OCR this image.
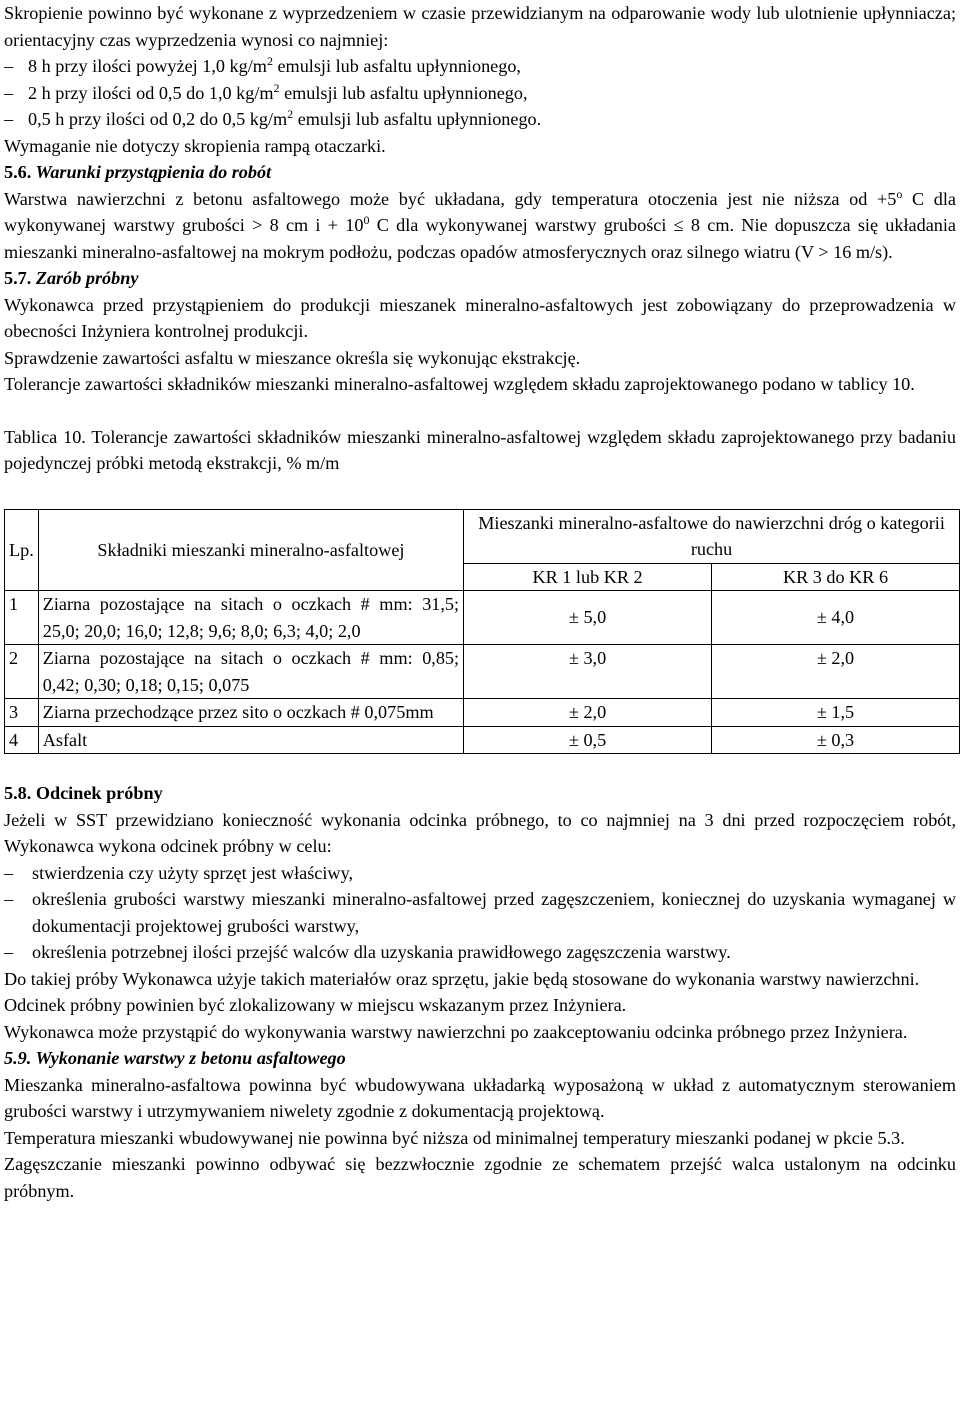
Skropienie powinno być wykonane z wyprzedzeniem w czasie przewidzianym na odparowanie wody lub ulotnienie upłynniacza; orientacyjny czas wyprzedzenia wynosi co najmniej:

– 8 h przy ilości powyżej 1,0 $kg/m^2$ emulsji lub asfaltu upłynnionego,
– 2 h przy ilości od 0,5 do 1,0 $kg/m^2$ emulsji lub asfaltu upłynnionego,
– 0,5 h przy ilości od 0,2 do 0,5 $kg/m^2$ emulsji lub asfaltu upłynnionego.

Wymaganie nie dotyczy skropienia rampą otaczarki.

5.6. Warunki przystąpienia do robót

Warstwa nawierzchni z betonu asfaltowego może być układana, gdy temperatura otoczenia jest nie niższa od $+5^o$ C dla wykonywanej warstwy grubości > 8 cm $i + 10^0$ C dla wykonywanej warstwy grubości ≤ 8 cm. Nie dopuszcza się układania mieszanki mineralno-asfaltowej na mokrym podłożu, podczas opadów atmosferycznych oraz silnego wiatru (V > 16 m/s).

5.7. Zarób próbny

Wykonawca przed przystąpieniem do produkcji mieszanek mineralno-asfaltowych jest zobowiązany do przeprowadzenia w obecności Inżyniera kontrolnej produkcji.

Sprawdzenie zawartości asfaltu w mieszance określa się wykonując ekstrakcję.

Tolerancje zawartości składników mieszanki mineralno-asfaltowej względem składu zaprojektowanego podano w tablicy 10.

Tablica 10. Tolerancje zawartości składników mieszanki mineralno-asfaltowej względem składu zaprojektowanego przy badaniu pojedynczej próbki metodą ekstrakcji, % m/m

Lp.	Składniki mieszanki mineralno-asfaltowej	Mieszanki mineralno-asfaltowe do nawierzchni dróg o kategorii ruchu	
		KR 1 lub KR 2	KR 3 do KR 6
1	Ziarna pozostające na sitach o oczkach # mm: 31,5; 25,0; 20,0; 16,0; 12,8; 9,6; 8,0; 6,3; 4,0; 2,0	± 5,0	± 4,0
2	Ziarna pozostające na sitach o oczkach # mm: 0,85; 0,42; 0,30; 0,18; 0,15; 0,075	± 3,0	± 2,0
3	Ziarna przechodzące przez sito o oczkach # 0,075mm	± 2,0	± 1,5
4	Asfalt	± 0,5	± 0,3

5.8. Odcinek próbny

Jeżeli w SST przewidziano konieczność wykonania odcinka próbnego, to co najmniej na 3 dni przed rozpoczęciem robót, Wykonawca wykona odcinek próbny w celu:

–	stwierdzenia czy użyty sprzęt jest właściwy,
–	określenia grubości warstwy mieszanki mineralno-asfaltowej przed zagęszczeniem, koniecznej do uzyskania wymaganej w dokumentacji projektowej grubości warstwy,
–	określenia potrzebnej ilości przejść walców dla uzyskania prawidłowego zagęszczenia warstwy.

Do takiej próby Wykonawca użyje takich materiałów oraz sprzętu, jakie będą stosowane do wykonania warstwy nawierzchni.

Odcinek próbny powinien być zlokalizowany w miejscu wskazanym przez Inżyniera.

Wykonawca może przystąpić do wykonywania warstwy nawierzchni po zaakceptowaniu odcinka próbnego przez Inżyniera.

5.9. Wykonanie warstwy z betonu asfaltowego

Mieszanka mineralno-asfaltowa powinna być wbudowywana układarką wyposażoną w układ z automatycznym sterowaniem grubości warstwy i utrzymywaniem niwelety zgodnie z dokumentacją projektową.

Temperatura mieszanki wbudowywanej nie powinna być niższa od minimalnej temperatury mieszanki podanej w pkcie 5.3.

Zagęszczanie mieszanki powinno odbywać się bezzwłocznie zgodnie ze schematem przejść walca ustalonym na odcinku próbnym.
